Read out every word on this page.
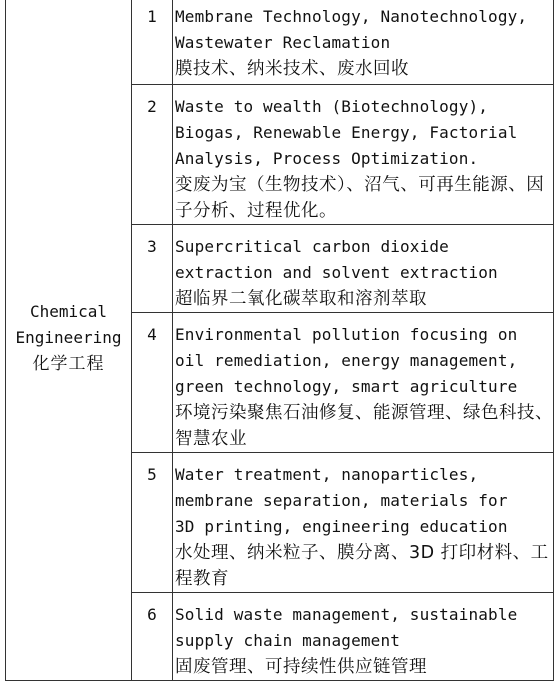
Chemical
Engineering
化学工程	1	Membrane Technology, Nanotechnology,
Wastewater Reclamation
膜技术、纳米技术、废水回收

	2	Waste to wealth (Biotechnology),
Biogas, Renewable Energy, Factorial
Analysis, Process Optimization.
变废为宝（生物技术）、沼气、可再生能源、因子分析、过程优化。

	3	Supercritical carbon dioxide
extraction and solvent extraction
超临界二氧化碳萃取和溶剂萃取

	4	Environmental pollution focusing on
oil remediation, energy management,
green technology, smart agriculture
环境污染聚焦石油修复、能源管理、绿色科技、智慧农业

	5	Water treatment, nanoparticles,
membrane separation, materials for
3D printing, engineering education
水处理、纳米粒子、膜分离、3D 打印材料、工程教育

	6	Solid waste management, sustainable
supply chain management
固废管理、可持续性供应链管理
